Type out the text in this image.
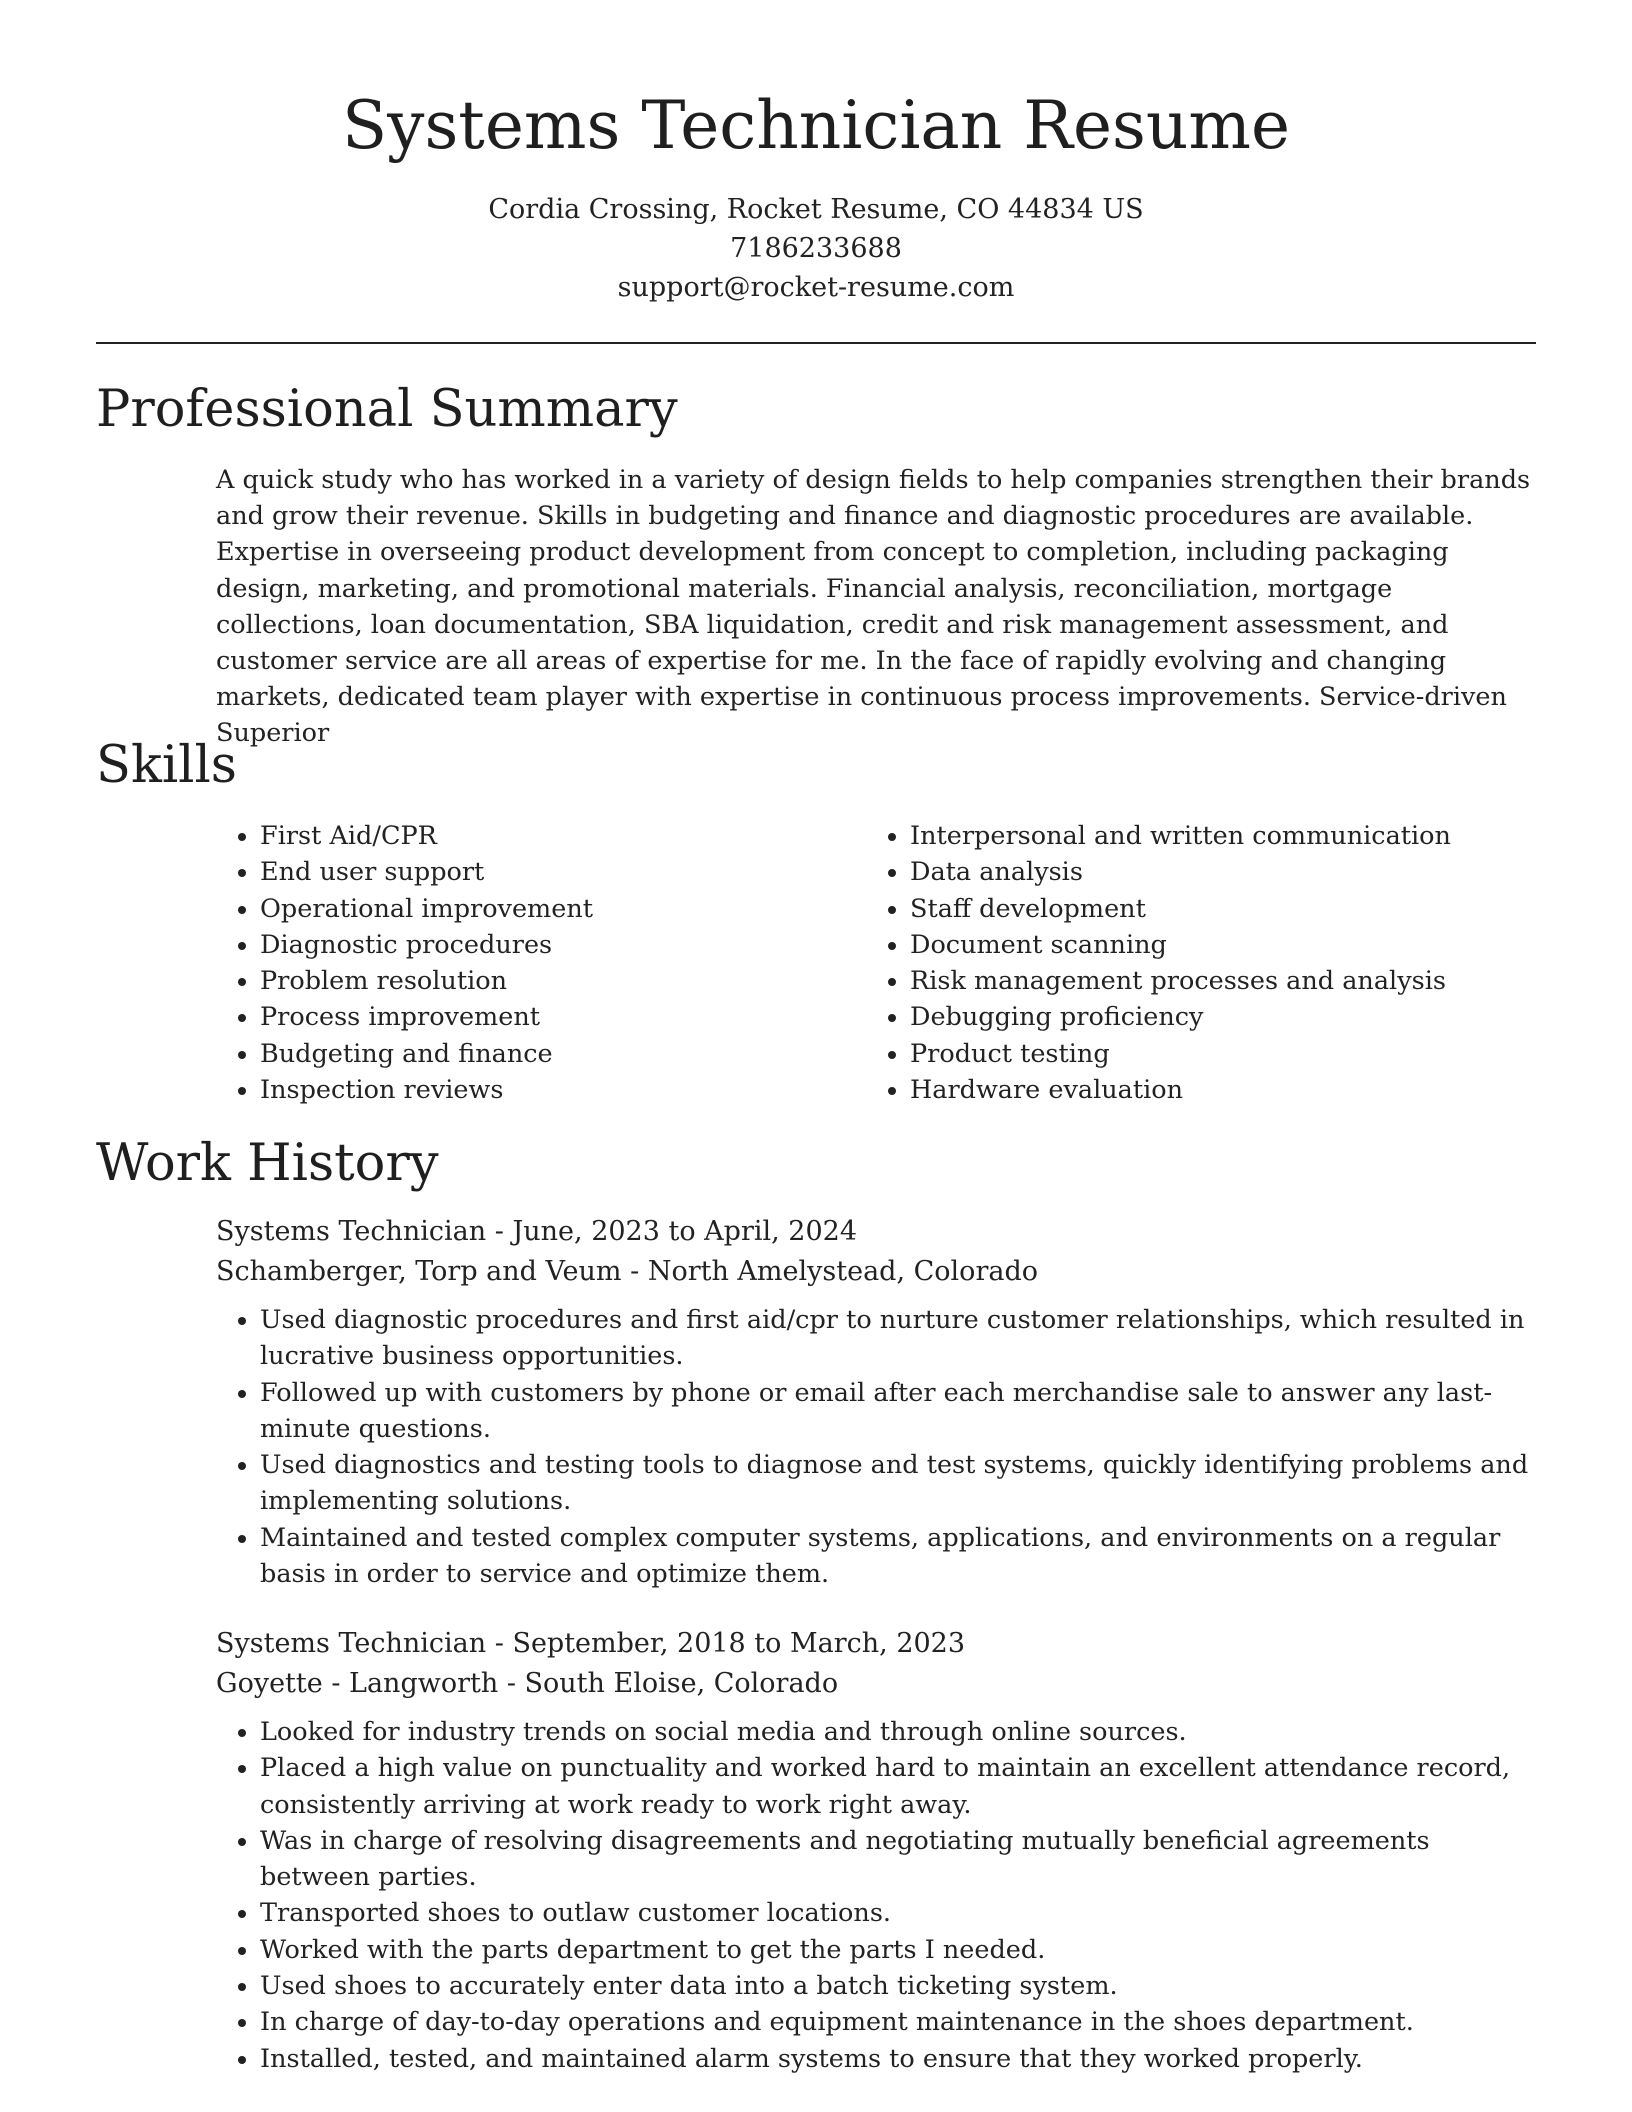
Systems Technician Resume
Cordia Crossing, Rocket Resume, CO 44834 US
7186233688
support@rocket-resume.com
Professional Summary

A quick study who has worked in a variety of design fields to help companies strengthen their brands and grow their revenue. Skills in budgeting and finance and diagnostic procedures are available. Expertise in overseeing product development from concept to completion, including packaging design, marketing, and promotional materials. Financial analysis, reconciliation, mortgage collections, loan documentation, SBA liquidation, credit and risk management assessment, and customer service are all areas of expertise for me. In the face of rapidly evolving and changing markets, dedicated team player with expertise in continuous process improvements. Service-driven Superior

Skills
• First Aid/CPR
• End user support
• Operational improvement
• Diagnostic procedures
• Problem resolution
• Process improvement
• Budgeting and finance
• Inspection reviews
• Interpersonal and written communication
• Data analysis
• Staff development
• Document scanning
• Risk management processes and analysis
• Debugging proficiency
• Product testing
• Hardware evaluation
Work History
Systems Technician - June, 2023 to April, 2024
Schamberger, Torp and Veum - North Amelystead, Colorado
• Used diagnostic procedures and first aid/cpr to nurture customer relationships, which resulted in lucrative business opportunities.
• Followed up with customers by phone or email after each merchandise sale to answer any last-minute questions.
• Used diagnostics and testing tools to diagnose and test systems, quickly identifying problems and implementing solutions.
• Maintained and tested complex computer systems, applications, and environments on a regular basis in order to service and optimize them.
Systems Technician - September, 2018 to March, 2023
Goyette - Langworth - South Eloise, Colorado
• Looked for industry trends on social media and through online sources.
• Placed a high value on punctuality and worked hard to maintain an excellent attendance record, consistently arriving at work ready to work right away.
• Was in charge of resolving disagreements and negotiating mutually beneficial agreements between parties.
• Transported shoes to outlaw customer locations.
• Worked with the parts department to get the parts I needed.
• Used shoes to accurately enter data into a batch ticketing system.
• In charge of day-to-day operations and equipment maintenance in the shoes department.
• Installed, tested, and maintained alarm systems to ensure that they worked properly.
